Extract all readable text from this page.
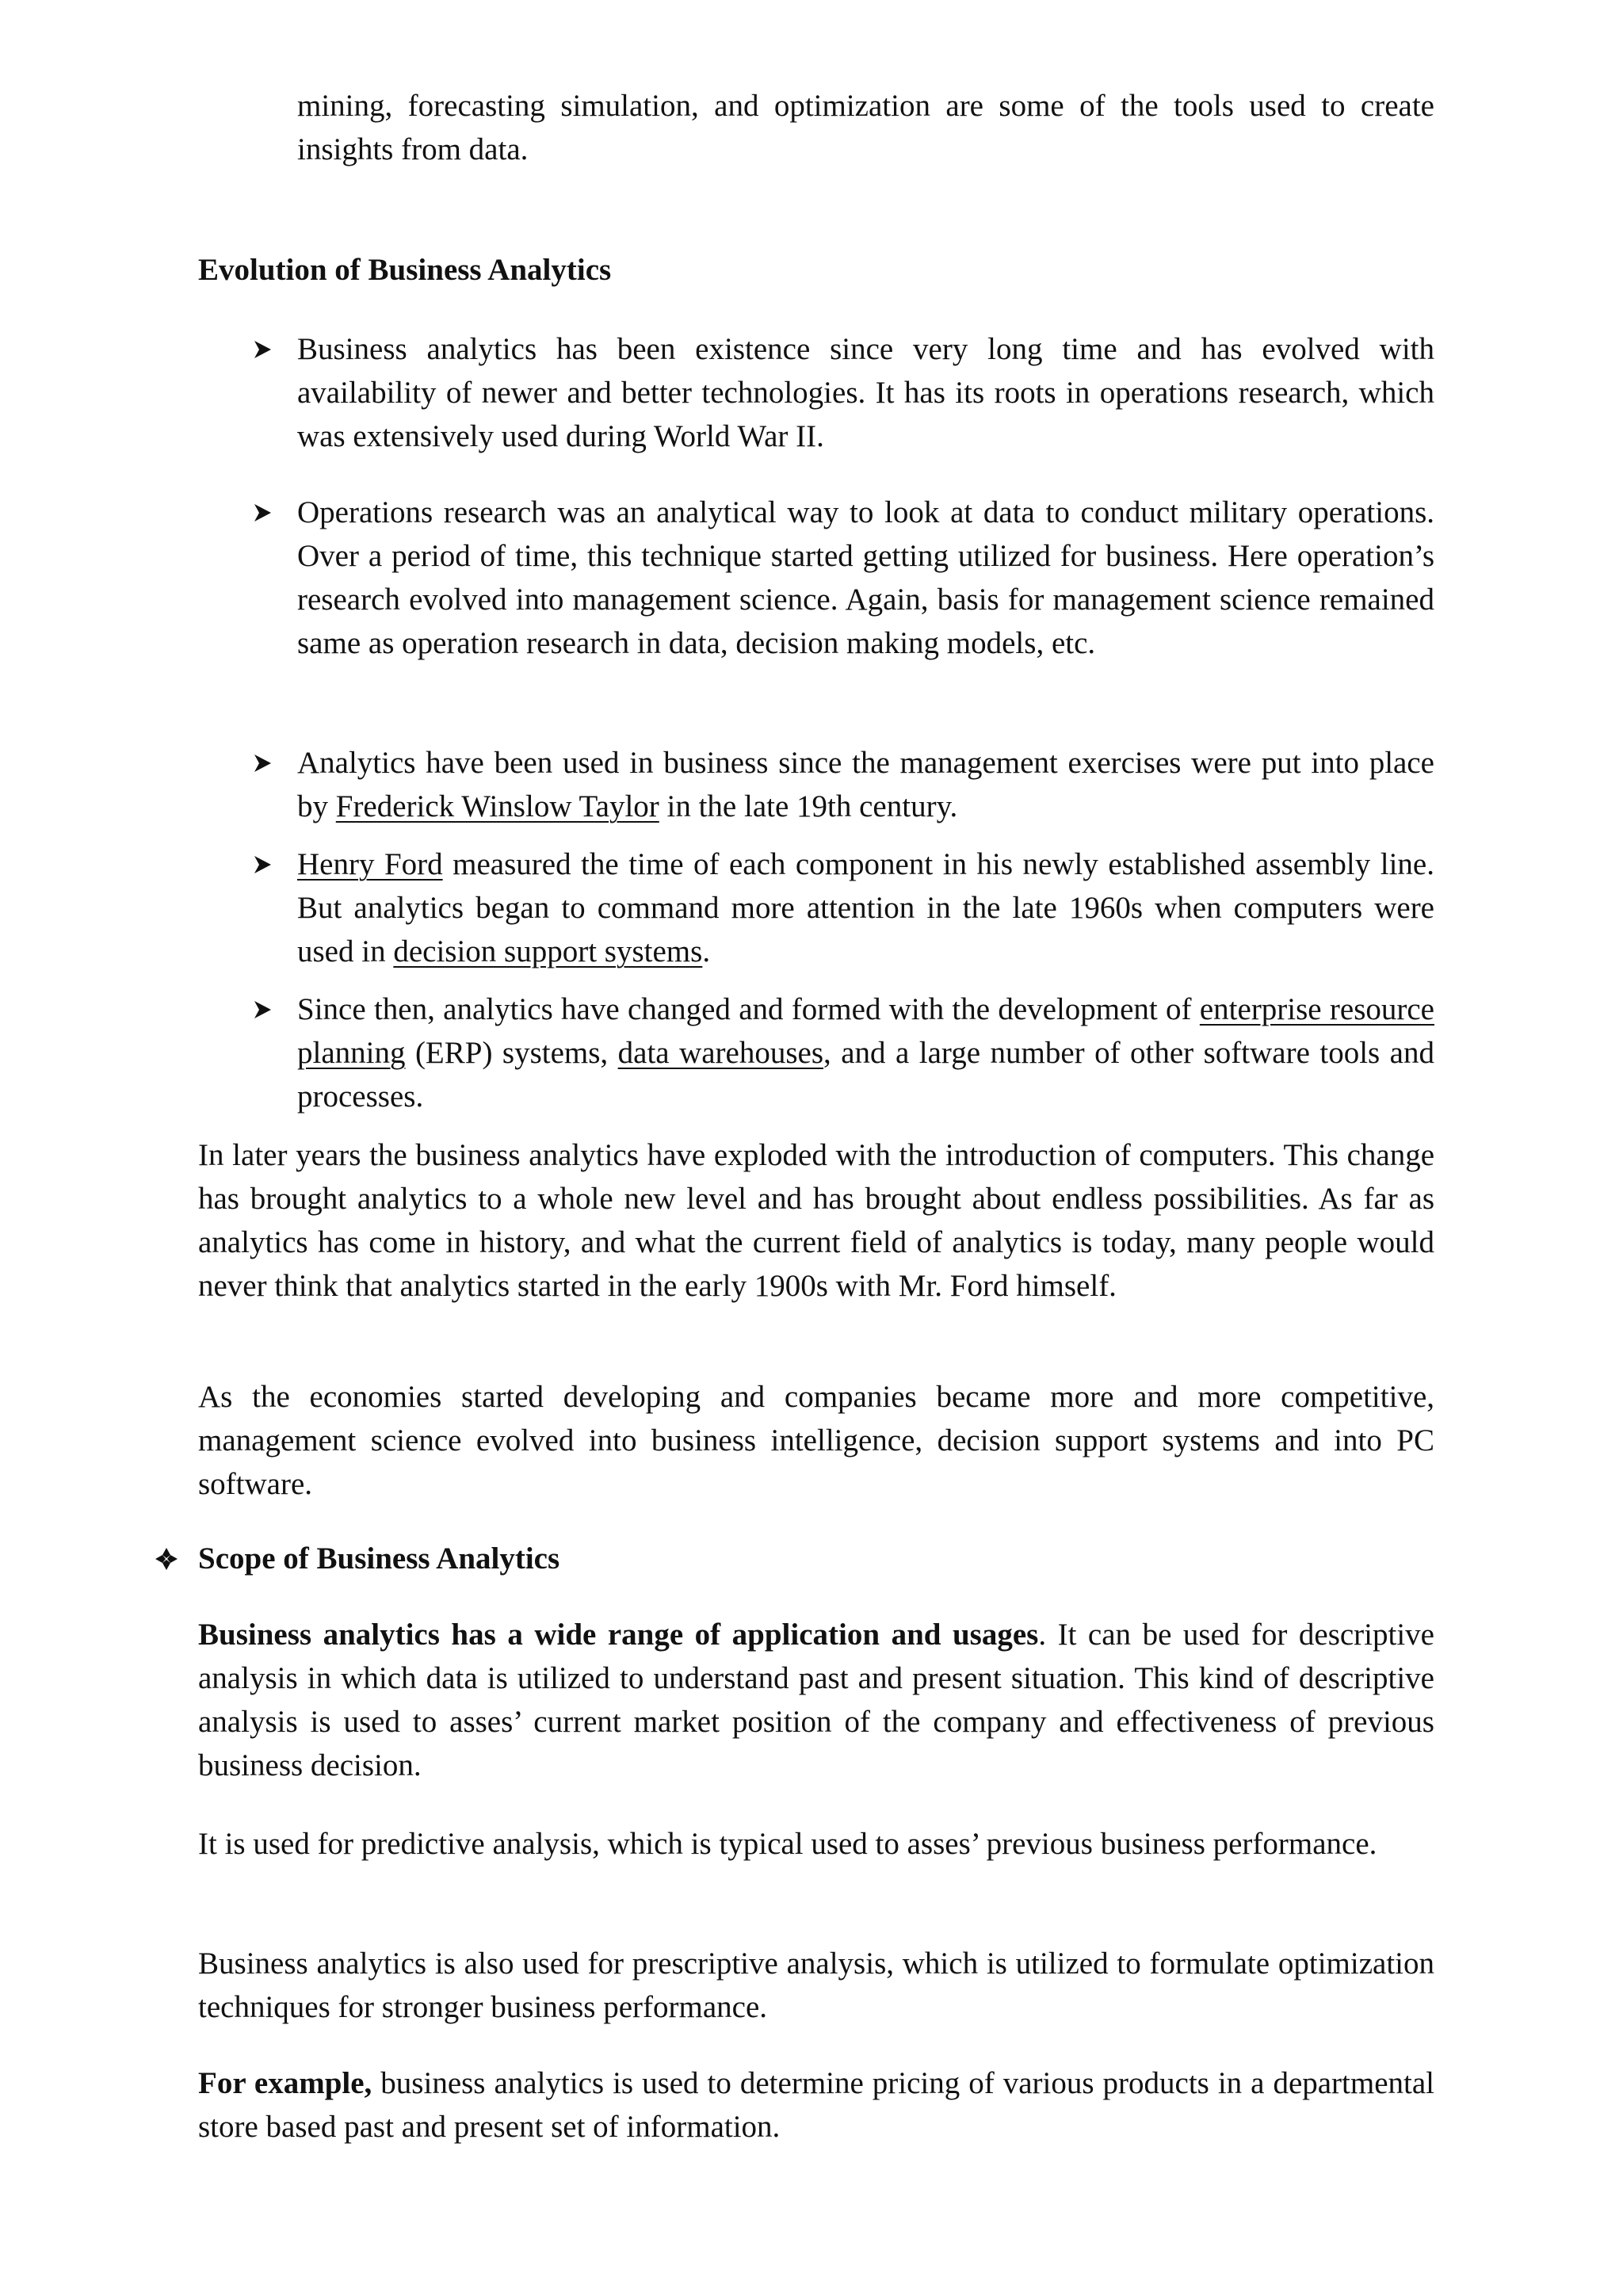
mining, forecasting simulation, and optimization are some of the tools used to create insights from data.

Evolution of Business Analytics

Business analytics has been existence since very long time and has evolved with availability of newer and better technologies. It has its roots in operations research, which was extensively used during World War II.

Operations research was an analytical way to look at data to conduct military operations. Over a period of time, this technique started getting utilized for business. Here operation’s research evolved into management science. Again, basis for management science remained same as operation research in data, decision making models, etc.

Analytics have been used in business since the management exercises were put into place by Frederick Winslow Taylor in the late 19th century.

Henry Ford measured the time of each component in his newly established assembly line. But analytics began to command more attention in the late 1960s when computers were used in decision support systems.

Since then, analytics have changed and formed with the development of enterprise resource planning (ERP) systems, data warehouses, and a large number of other software tools and processes.

In later years the business analytics have exploded with the introduction of computers. This change has brought analytics to a whole new level and has brought about endless possibilities. As far as analytics has come in history, and what the current field of analytics is today, many people would never think that analytics started in the early 1900s with Mr. Ford himself.

As the economies started developing and companies became more and more competitive, management science evolved into business intelligence, decision support systems and into PC software.

Scope of Business Analytics

Business analytics has a wide range of application and usages. It can be used for descriptive analysis in which data is utilized to understand past and present situation. This kind of descriptive analysis is used to asses’ current market position of the company and effectiveness of previous business decision.

It is used for predictive analysis, which is typical used to asses’ previous business performance.

Business analytics is also used for prescriptive analysis, which is utilized to formulate optimization techniques for stronger business performance.

For example, business analytics is used to determine pricing of various products in a departmental store based past and present set of information.
